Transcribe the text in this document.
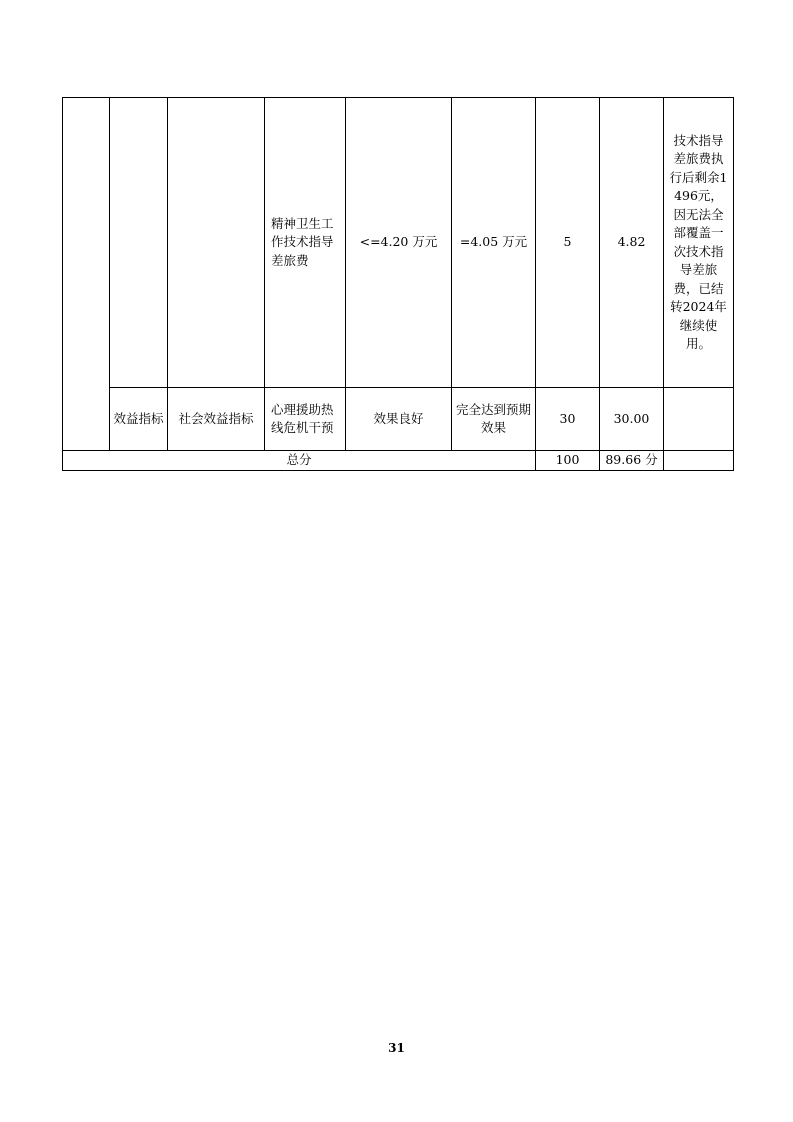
			精神卫生工作技术指导差旅费	<=4.20 万元	=4.05 万元	5	4.82	技术指导差旅费执行后剩余1496元，因无法全部覆盖一次技术指导差旅费，已结转2024年继续使用。
	效益指标	社会效益指标	心理援助热线危机干预	效果良好	完全达到预期效果	30	30.00	
总分						100	89.66 分	
31
